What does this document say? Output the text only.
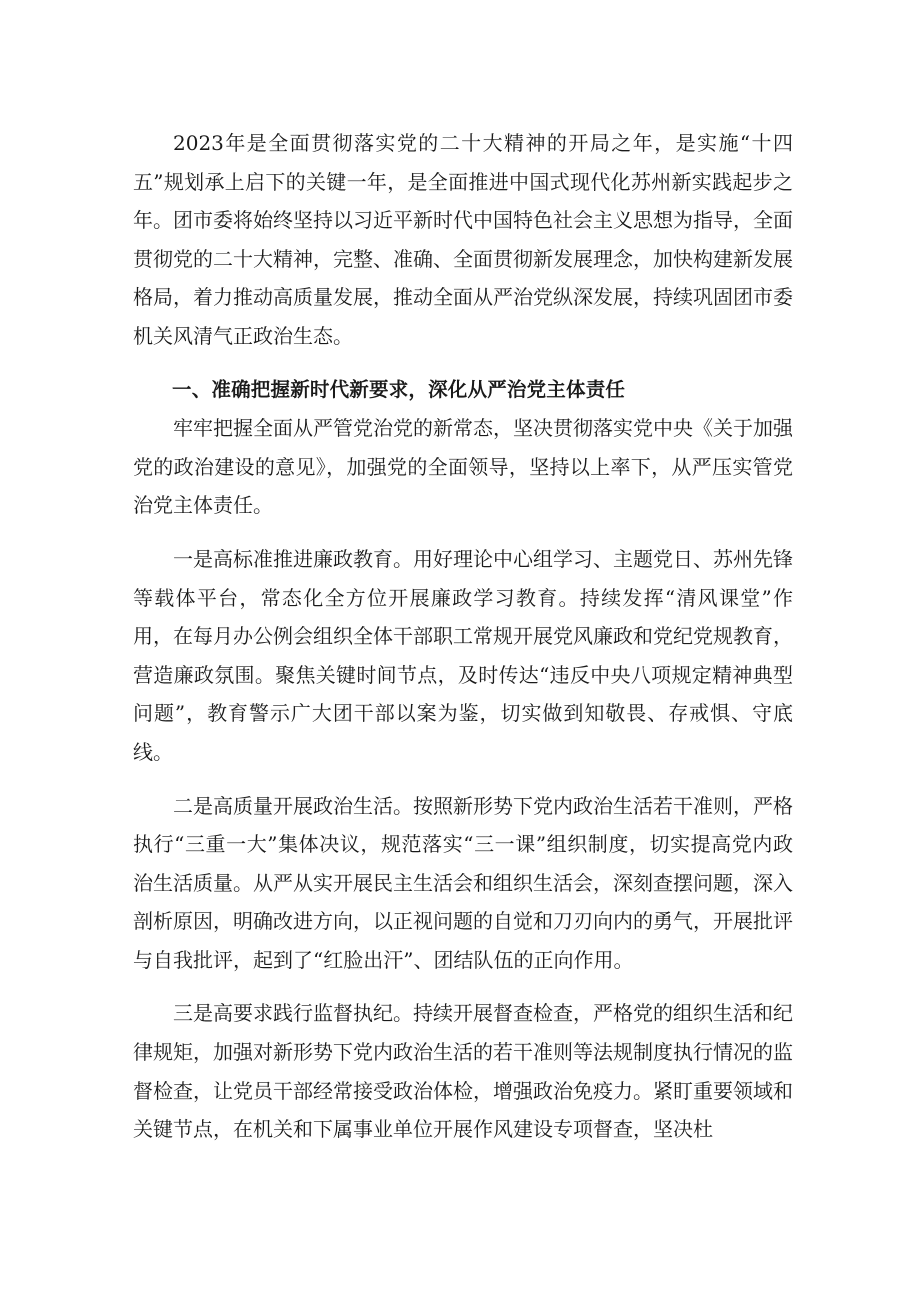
2023年是全面贯彻落实党的二十大精神的开局之年，是实施“十四五”规划承上启下的关键一年，是全面推进中国式现代化苏州新实践起步之年。团市委将始终坚持以习近平新时代中国特色社会主义思想为指导，全面贯彻党的二十大精神，完整、准确、全面贯彻新发展理念，加快构建新发展格局，着力推动高质量发展，推动全面从严治党纵深发展，持续巩固团市委机关风清气正政治生态。

一、准确把握新时代新要求，深化从严治党主体责任

牢牢把握全面从严管党治党的新常态，坚决贯彻落实党中央《关于加强党的政治建设的意见》，加强党的全面领导，坚持以上率下，从严压实管党治党主体责任。

一是高标准推进廉政教育。用好理论中心组学习、主题党日、苏州先锋等载体平台，常态化全方位开展廉政学习教育。持续发挥“清风课堂”作用，在每月办公例会组织全体干部职工常规开展党风廉政和党纪党规教育，营造廉政氛围。聚焦关键时间节点，及时传达“违反中央八项规定精神典型问题”，教育警示广大团干部以案为鉴，切实做到知敬畏、存戒惧、守底线。

二是高质量开展政治生活。按照新形势下党内政治生活若干准则，严格执行“三重一大”集体决议，规范落实“三一课”组织制度，切实提高党内政治生活质量。从严从实开展民主生活会和组织生活会，深刻查摆问题，深入剖析原因，明确改进方向，以正视问题的自觉和刀刃向内的勇气，开展批评与自我批评，起到了“红脸出汗”、团结队伍的正向作用。

三是高要求践行监督执纪。持续开展督查检查，严格党的组织生活和纪律规矩，加强对新形势下党内政治生活的若干准则等法规制度执行情况的监督检查，让党员干部经常接受政治体检，增强政治免疫力。紧盯重要领域和关键节点，在机关和下属事业单位开展作风建设专项督查，坚决杜
